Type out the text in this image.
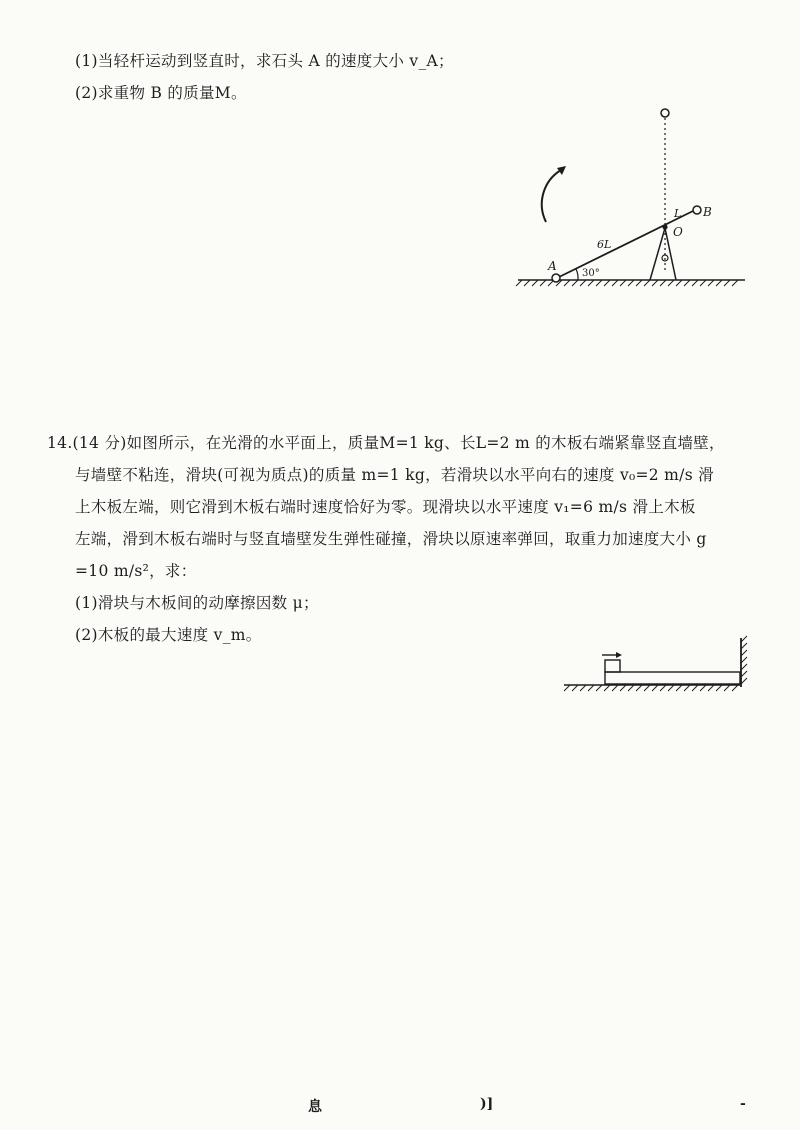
(1)当轻杆运动到竖直时，求石头 A 的速度大小 v_A；
(2)求重物 B 的质量M。
L B
O
6L
A
30°
14.(14 分)如图所示，在光滑的水平面上，质量M=1 kg、长L=2 m 的木板右端紧靠竖直墙壁，
与墙壁不粘连，滑块(可视为质点)的质量 m=1 kg，若滑块以水平向右的速度 v₀=2 m/s 滑
上木板左端，则它滑到木板右端时速度恰好为零。现滑块以水平速度 v₁=6 m/s 滑上木板
左端，滑到木板右端时与竖直墙壁发生弹性碰撞，滑块以原速率弹回，取重力加速度大小 g
=10 m/s²，求：
(1)滑块与木板间的动摩擦因数 μ；
(2)木板的最大速度 v_m。
息	)]	-
